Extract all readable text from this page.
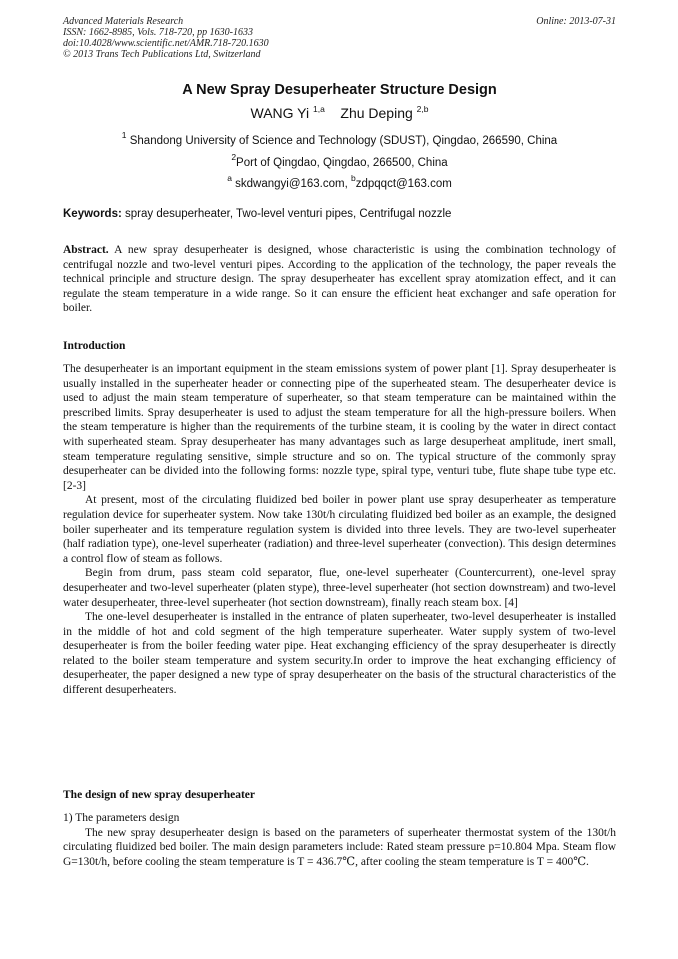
Advanced Materials Research
ISSN: 1662-8985, Vols. 718-720, pp 1630-1633
doi:10.4028/www.scientific.net/AMR.718-720.1630
© 2013 Trans Tech Publications Ltd, Switzerland
Online: 2013-07-31
A New Spray Desuperheater Structure Design
WANG Yi $^{1,a}$ Zhu Deping $^{2,b}$
$^1$ Shandong University of Science and Technology (SDUST), Qingdao, 266590, China
$^2$Port of Qingdao, Qingdao, 266500, China
$^a$ skdwangyi@163.com, $^b$zdpqqct@163.com
Keywords: spray desuperheater, Two-level venturi pipes, Centrifugal nozzle

Abstract. A new spray desuperheater is designed, whose characteristic is using the combination technology of centrifugal nozzle and two-level venturi pipes. According to the application of the technology, the paper reveals the technical principle and structure design. The spray desuperheater has excellent spray atomization effect, and it can regulate the steam temperature in a wide range. So it can ensure the efficient heat exchanger and safe operation for boiler.

Introduction

The desuperheater is an important equipment in the steam emissions system of power plant [1]. Spray desuperheater is usually installed in the superheater header or connecting pipe of the superheated steam. The desuperheater device is used to adjust the main steam temperature of superheater, so that steam temperature can be maintained within the prescribed limits. Spray desuperheater is used to adjust the steam temperature for all the high-pressure boilers. When the steam temperature is higher than the requirements of the turbine steam, it is cooling by the water in direct contact with superheated steam. Spray desuperheater has many advantages such as large desuperheat amplitude, inert small, steam temperature regulating sensitive, simple structure and so on. The typical structure of the commonly spray desuperheater can be divided into the following forms: nozzle type, spiral type, venturi tube, flute shape tube type etc. [2-3]

At present, most of the circulating fluidized bed boiler in power plant use spray desuperheater as temperature regulation device for superheater system. Now take 130t/h circulating fluidized bed boiler as an example, the designed boiler superheater and its temperature regulation system is divided into three levels. They are two-level superheater (half radiation type), one-level superheater (radiation) and three-level superheater (convection). This design determines a control flow of steam as follows.

Begin from drum, pass steam cold separator, flue, one-level superheater (Countercurrent), one-level spray desuperheater and two-level superheater (platen stype), three-level superheater (hot section downstream) and two-level water desuperheater, three-level superheater (hot section downstream), finally reach steam box. [4]

The one-level desuperheater is installed in the entrance of platen superheater, two-level desuperheater is installed in the middle of hot and cold segment of the high temperature superheater. Water supply system of two-level desuperheater is from the boiler feeding water pipe. Heat exchanging efficiency of the spray desuperheater is directly related to the boiler steam temperature and system security.In order to improve the heat exchanging efficiency of desuperheater, the paper designed a new type of spray desuperheater on the basis of the structural characteristics of the different desuperheaters.

The design of new spray desuperheater

1) The parameters design

The new spray desuperheater design is based on the parameters of superheater thermostat system of the 130t/h circulating fluidized bed boiler. The main design parameters include: Rated steam pressure p=10.804 Mpa. Steam flow G=130t/h, before cooling the steam temperature is T = 436.7℃, after cooling the steam temperature is T = 400℃.
